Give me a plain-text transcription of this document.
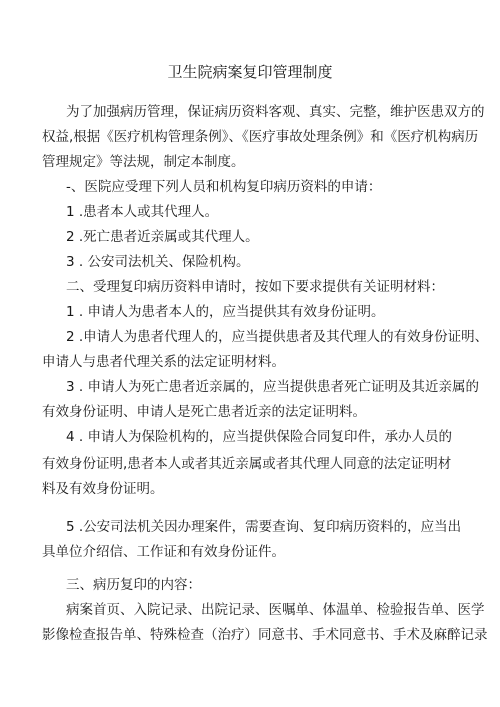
卫生院病案复印管理制度
为了加强病历管理，保证病历资料客观、真实、完整，维护医患双方的
权益,根据《医疗机构管理条例》、《医疗事故处理条例》和《医疗机构病历
管理规定》等法规，制定本制度。
-、医院应受理下列人员和机构复印病历资料的申请：
1 .患者本人或其代理人。
2 .死亡患者近亲属或其代理人。
3 . 公安司法机关、保险机构。
二、受理复印病历资料申请时，按如下要求提供有关证明材料：
1 . 申请人为患者本人的，应当提供其有效身份证明。
2 .申请人为患者代理人的，应当提供患者及其代理人的有效身份证明、
申请人与患者代理关系的法定证明材料。
3 . 申请人为死亡患者近亲属的，应当提供患者死亡证明及其近亲属的
有效身份证明、申请人是死亡患者近亲的法定证明料。
4 . 申请人为保险机构的，应当提供保险合同复印件，承办人员的
有效身份证明,患者本人或者其近亲属或者其代理人同意的法定证明材
料及有效身份证明。
5 .公安司法机关因办理案件，需要查询、复印病历资料的，应当出
具单位介绍信、工作证和有效身份证件。
三、病历复印的内容：
病案首页、入院记录、出院记录、医嘱单、体温单、检验报告单、医学
影像检查报告单、特殊检查（治疗）同意书、手术同意书、手术及麻醉记录
